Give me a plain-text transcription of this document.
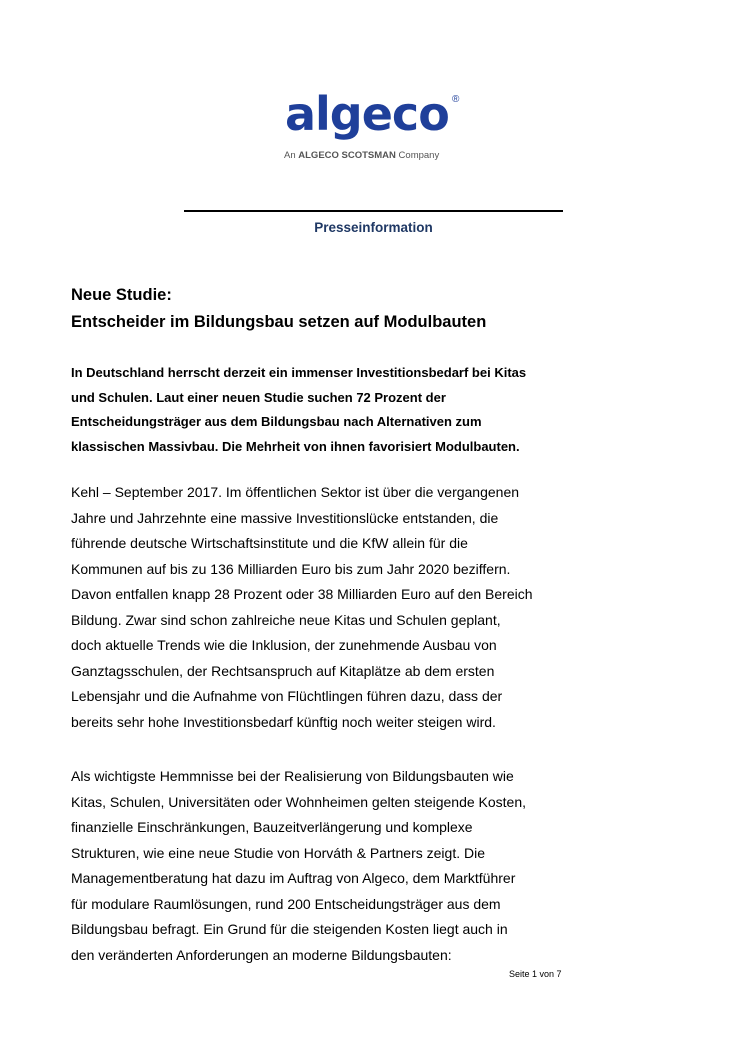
algeco ®
An ALGECO SCOTSMAN Company
Presseinformation
Neue Studie:
Entscheider im Bildungsbau setzen auf Modulbauten
In Deutschland herrscht derzeit ein immenser Investitionsbedarf bei Kitas
und Schulen. Laut einer neuen Studie suchen 72 Prozent der
Entscheidungsträger aus dem Bildungsbau nach Alternativen zum
klassischen Massivbau. Die Mehrheit von ihnen favorisiert Modulbauten.
Kehl – September 2017. Im öffentlichen Sektor ist über die vergangenen
Jahre und Jahrzehnte eine massive Investitionslücke entstanden, die
führende deutsche Wirtschaftsinstitute und die KfW allein für die
Kommunen auf bis zu 136 Milliarden Euro bis zum Jahr 2020 beziffern.
Davon entfallen knapp 28 Prozent oder 38 Milliarden Euro auf den Bereich
Bildung. Zwar sind schon zahlreiche neue Kitas und Schulen geplant,
doch aktuelle Trends wie die Inklusion, der zunehmende Ausbau von
Ganztagsschulen, der Rechtsanspruch auf Kitaplätze ab dem ersten
Lebensjahr und die Aufnahme von Flüchtlingen führen dazu, dass der
bereits sehr hohe Investitionsbedarf künftig noch weiter steigen wird.
Als wichtigste Hemmnisse bei der Realisierung von Bildungsbauten wie
Kitas, Schulen, Universitäten oder Wohnheimen gelten steigende Kosten,
finanzielle Einschränkungen, Bauzeitverlängerung und komplexe
Strukturen, wie eine neue Studie von Horváth & Partners zeigt. Die
Managementberatung hat dazu im Auftrag von Algeco, dem Marktführer
für modulare Raumlösungen, rund 200 Entscheidungsträger aus dem
Bildungsbau befragt. Ein Grund für die steigenden Kosten liegt auch in
den veränderten Anforderungen an moderne Bildungsbauten:
Seite 1 von 7
